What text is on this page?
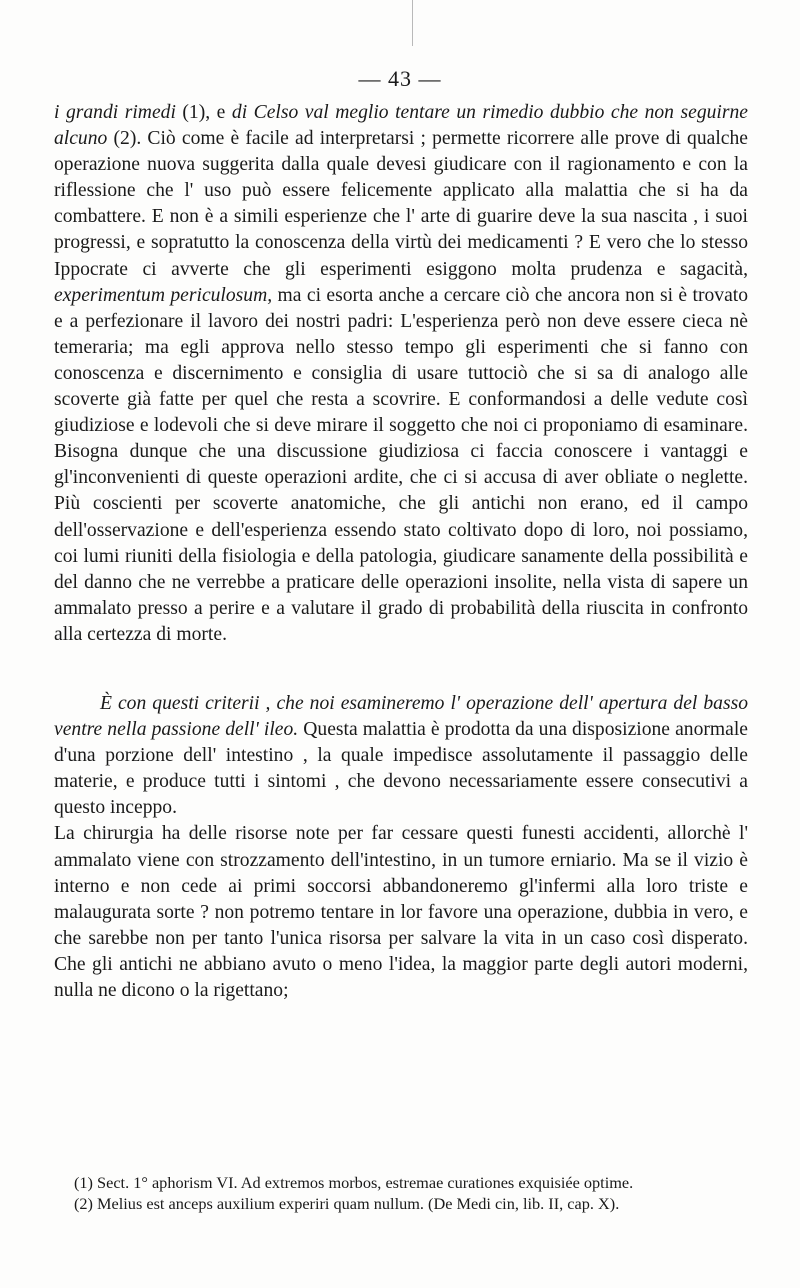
— 43 —

i grandi rimedi (1), e di Celso val meglio tentare un rimedio dubbio che non seguirne alcuno (2). Ciò come è facile ad interpretarsi ; permette ricorrere alle prove di qualche operazione nuova suggerita dalla quale devesi giudicare con il ragionamento e con la riflessione che l' uso può essere felicemente applicato alla malattia che si ha da combattere. E non è a simili esperienze che l' arte di guarire deve la sua nascita , i suoi progressi, e sopratutto la conoscenza della virtù dei medicamenti ? E vero che lo stesso Ippocrate ci avverte che gli esperimenti esiggono molta prudenza e sagacità, experimentum periculosum, ma ci esorta anche a cercare ciò che ancora non si è trovato e a perfezionare il lavoro dei nostri padri: L'esperienza però non deve essere cieca nè temeraria; ma egli approva nello stesso tempo gli esperimenti che si fanno con conoscenza e discernimento e consiglia di usare tuttociò che si sa di analogo alle scoverte già fatte per quel che resta a scovrire. E conformandosi a delle vedute così giudiziose e lodevoli che si deve mirare il soggetto che noi ci proponiamo di esaminare. Bisogna dunque che una discussione giudiziosa ci faccia conoscere i vantaggi e gl'inconvenienti di queste operazioni ardite, che ci si accusa di aver obliate o neglette. Più coscienti per scoverte anatomiche, che gli antichi non erano, ed il campo dell'osservazione e dell'esperienza essendo stato coltivato dopo di loro, noi possiamo, coi lumi riuniti della fisiologia e della patologia, giudicare sanamente della possibilità e del danno che ne verrebbe a praticare delle operazioni insolite, nella vista di sapere un ammalato presso a perire e a valutare il grado di probabilità della riuscita in confronto alla certezza di morte.

È con questi criterii , che noi esamineremo l' operazione dell' apertura del basso ventre nella passione dell' ileo. Questa malattia è prodotta da una disposizione anormale d'una porzione dell' intestino , la quale impedisce assolutamente il passaggio delle materie, e produce tutti i sintomi , che devono necessariamente essere consecutivi a questo inceppo.

La chirurgia ha delle risorse note per far cessare questi funesti accidenti, allorchè l' ammalato viene con strozzamento dell'intestino, in un tumore erniario. Ma se il vizio è interno e non cede ai primi soccorsi abbandoneremo gl'infermi alla loro triste e malaugurata sorte ? non potremo tentare in lor favore una operazione, dubbia in vero, e che sarebbe non per tanto l'unica risorsa per salvare la vita in un caso così disperato. Che gli antichi ne abbiano avuto o meno l'idea, la maggior parte degli autori moderni, nulla ne dicono o la rigettano;

(1) Sect. 1° aphorism VI. Ad extremos morbos, estremae curationes exquisiée optime.

(2) Melius est anceps auxilium experiri quam nullum. (De Medi cin, lib. II, cap. X).
